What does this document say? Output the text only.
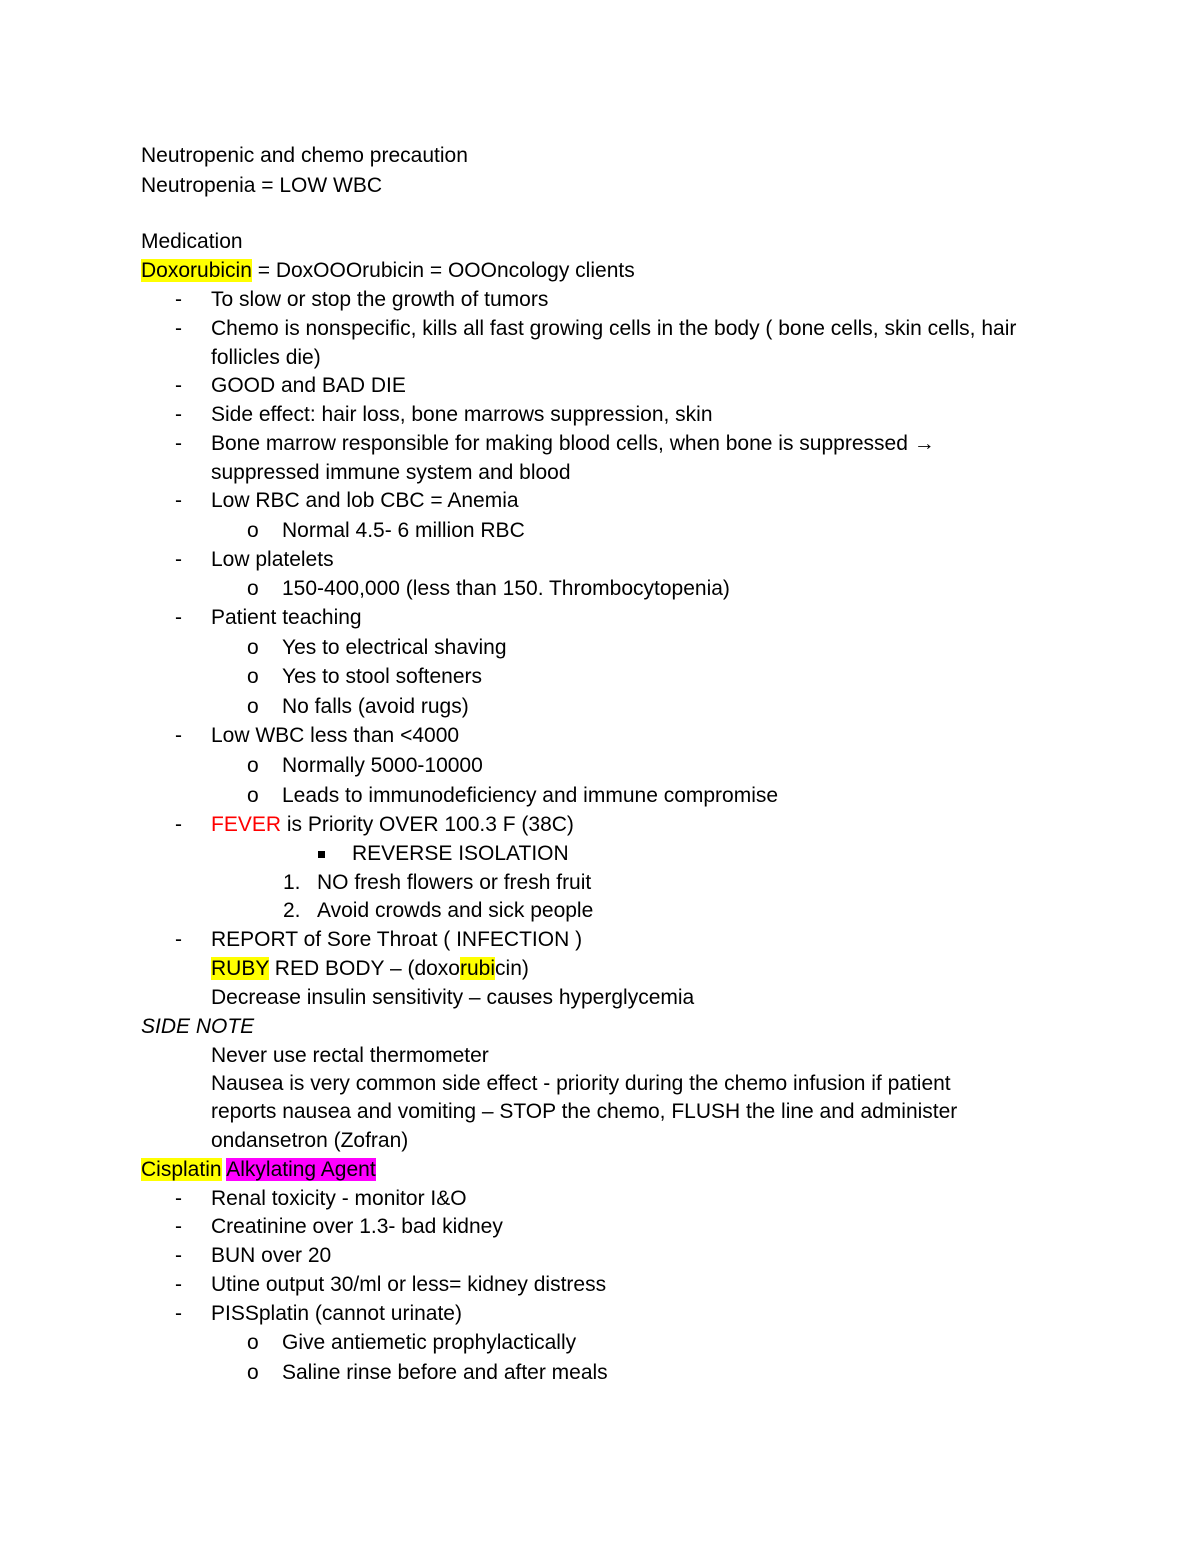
Neutropenic and chemo precaution
Neutropenia = LOW WBC
Medication
Doxorubicin = DoxOOOrubicin = OOOncology clients
-	To slow or stop the growth of tumors
-	Chemo is nonspecific, kills all fast growing cells in the body ( bone cells, skin cells, hair
follicles die)
-	GOOD and BAD DIE
-	Side effect: hair loss, bone marrows suppression, skin
-	Bone marrow responsible for making blood cells, when bone is suppressed →
suppressed immune system and blood
-	Low RBC and lob CBC = Anemia
o	Normal 4.5- 6 million RBC
-	Low platelets
o	150-400,000 (less than 150. Thrombocytopenia)
-	Patient teaching
o	Yes to electrical shaving
o	Yes to stool softeners
o	No falls (avoid rugs)
-	Low WBC less than <4000
o	Normally 5000-10000
o	Leads to immunodeficiency and immune compromise
-	FEVER is Priority OVER 100.3 F (38C)
REVERSE ISOLATION
1. NO fresh flowers or fresh fruit
2. Avoid crowds and sick people
-	REPORT of Sore Throat ( INFECTION )
RUBY RED BODY – (doxorubicin)
Decrease insulin sensitivity – causes hyperglycemia
SIDE NOTE
Never use rectal thermometer
Nausea is very common side effect - priority during the chemo infusion if patient
reports nausea and vomiting – STOP the chemo, FLUSH the line and administer
ondansetron (Zofran)
Cisplatin Alkylating Agent
-	Renal toxicity - monitor I&O
-	Creatinine over 1.3- bad kidney
-	BUN over 20
-	Utine output 30/ml or less= kidney distress
-	PISSplatin (cannot urinate)
o	Give antiemetic prophylactically
o	Saline rinse before and after meals
